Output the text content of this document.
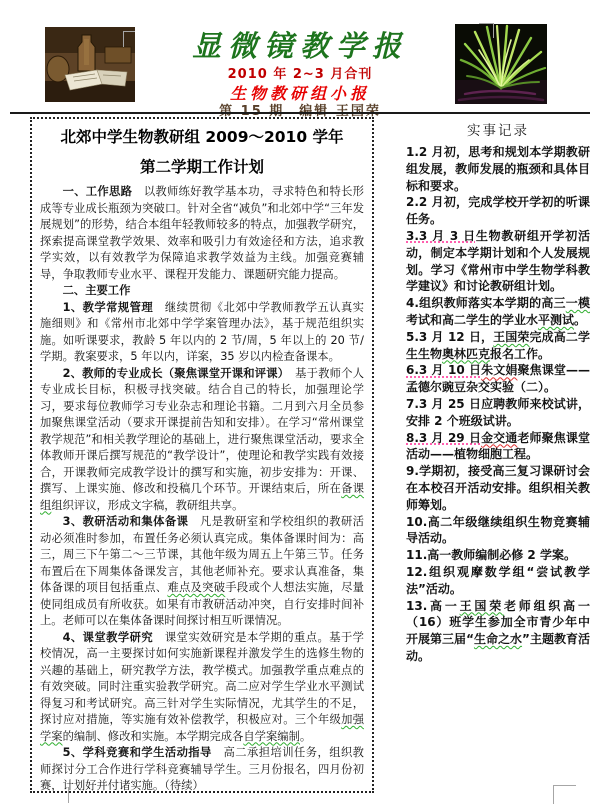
显微镜教学报
2010 年 2~3 月合刊
生物教研组小报
北郊中学生物教研组 2009～2010 学年
第二学期工作计划

一、工作思路　以教师练好教学基本功，寻求特色和特长形成等专业成长瓶颈为突破口。针对全省“减负”和北郊中学“三年发展规划”的形势，结合本组年轻教师较多的特点，加强教学研究，探索提高课堂教学效果、效率和吸引力有效途径和方法，追求教学实效，以有效教学为保障追求教学效益为主线。加强竞赛辅导，争取教师专业水平、课程开发能力、课题研究能力提高。

二、主要工作

1、教学常规管理　继续贯彻《北郊中学教师教学五认真实施细则》和《常州市北郊中学学案管理办法》，基于规范组织实施。如听课要求，教龄 5 年以内的 2 节/周，5 年以上的 20 节/学期。教案要求，5 年以内，详案，35 岁以内检查备课本。

2、教师的专业成长（聚焦课堂开课和评课）　基于教师个人专业成长目标，积极寻找突破。结合自己的特长，加强理论学习，要求每位教师学习专业杂志和理论书籍。二月到六月全员参加聚焦课堂活动（要求开课提前告知和安排）。在学习“常州课堂教学规范”和相关教学理论的基础上，进行聚焦课堂活动，要求全体教师开课后撰写规范的“教学设计”，使理论和教学实践有效接合，开课教师完成教学设计的撰写和实施，初步安排为：开课、撰写、上课实施、修改和投稿几个环节。开课结束后，所在备课组组织评议，形成文字稿，教研组共享。

3、教研活动和集体备课　凡是教研室和学校组织的教研活动必须准时参加，布置任务必须认真完成。集体备课时间为：高三，周三下午第二～三节课，其他年级为周五上午第三节。任务布置后在下周集体备课发言，其他老师补充。要求认真准备，集体备课的项目包括重点、难点及突破手段或个人想法实施，尽量使同组成员有所收获。如果有市教研活动冲突，自行安排时间补上。老师可以在集体备课时间探讨相互听课情况。

4、课堂教学研究　课堂实效研究是本学期的重点。基于学校情况，高一主要探讨如何实施新课程并激发学生的选修生物的兴趣的基础上，研究教学方法，教学模式。加强教学重点难点的有效突破。同时注重实验教学研究。高二应对学生学业水平测试得复习和考试研究。高三针对学生实际情况，尤其学生的不足，探讨应对措施，等实施有效补偿教学，积极应对。三个年级加强学案的编制、修改和实施。本学期完成各自学案编制。

5、学科竞赛和学生活动指导　高二承担培训任务，组织教师探讨分工合作进行学科竞赛辅导学生。三月份报名，四月份初赛，计划好并付诸实施。（待续）

实事记录

1.2 月初，思考和规划本学期教研组发展，教师发展的瓶颈和具体目标和要求。

2.2 月初，完成学校开学初的听课任务。

3.3 月 3 日生物教研组开学初活动，制定本学期计划和个人发展规划。学习《常州市中学生物学科教学建议》和讨论教研组计划。

4.组织教师落实本学期的高三一模考试和高二学生的学业水平测试。

5.3 月 12 日，王国荣完成高二学生生物奥林匹克报名工作。

6.3 月 10 日朱文娟聚焦课堂——孟德尔豌豆杂交实验（二）。

7.3 月 25 日应聘教师来校试讲，安排 2 个班级试讲。

8.3 月 29 日金交通老师聚焦课堂活动——植物细胞工程。

9.学期初，接受高三复习课研讨会在本校召开活动安排。组织相关教师筹划。

10.高二年级继续组织生物竞赛辅导活动。

11.高一教师编制必修 2 学案。

12.组织观摩数学组“尝试教学法”活动。

13.高一王国荣老师组织高一（16）班学生参加全市青少年中开展第三届“生命之水”主题教育活动。
